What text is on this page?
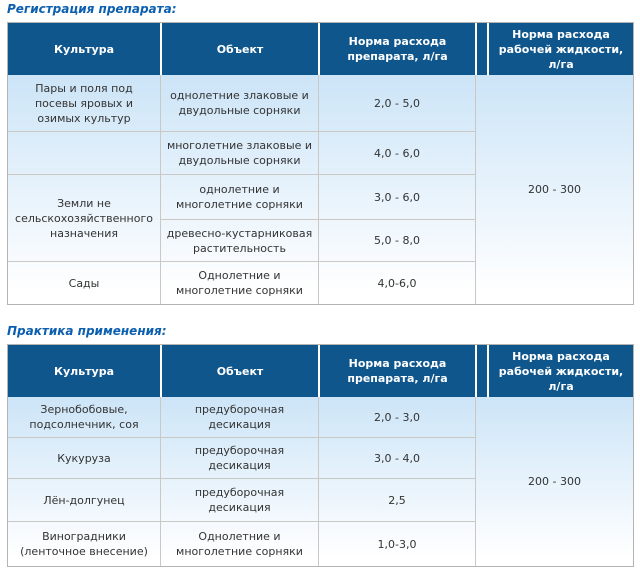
Регистрация препарата:
Культура	Объект	Норма расхода препарата, л/га		Норма расхода рабочей жидкости, л/га
Пары и поля под посевы яровых и озимых культур	однолетние злаковые и двудольные сорняки	2,0 - 5,0	200 - 300	
	многолетние злаковые и двудольные сорняки	4,0 - 6,0		
Земли не сельскохозяйственного назначения	однолетние и многолетние сорняки	3,0 - 6,0		
	древесно-кустарниковая растительность	5,0 - 8,0		
Сады	Однолетние и многолетние сорняки	4,0-6,0		
Практика применения:
Культура	Объект	Норма расхода препарата, л/га		Норма расхода рабочей жидкости, л/га
Зернобобовые, подсолнечник, соя	предуборочная десикация	2,0 - 3,0	200 - 300	
Кукуруза	предуборочная десикация	3,0 - 4,0		
Лён-долгунец	предуборочная десикация	2,5		
Виноградники (ленточное внесение)	Однолетние и многолетние сорняки	1,0-3,0		
